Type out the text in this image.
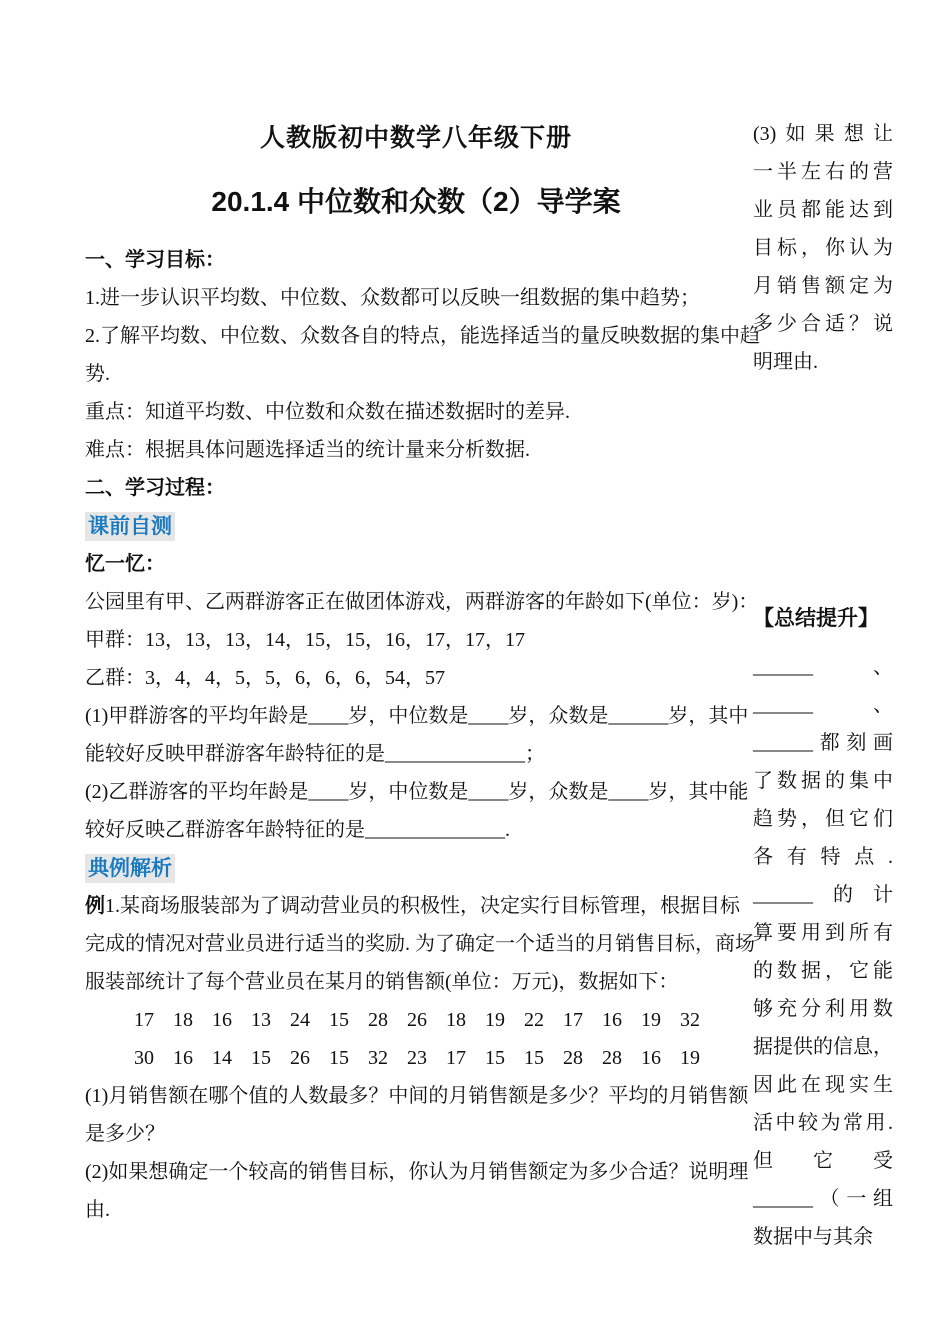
人教版初中数学八年级下册
20.1.4 中位数和众数（2）导学案
一、学习目标：
1.进一步认识平均数、中位数、众数都可以反映一组数据的集中趋势；
2.了解平均数、中位数、众数各自的特点，能选择适当的量反映数据的集中趋
势.
重点：知道平均数、中位数和众数在描述数据时的差异.
难点：根据具体问题选择适当的统计量来分析数据.
二、学习过程：
课前自测
忆一忆：
公园里有甲、乙两群游客正在做团体游戏，两群游客的年龄如下(单位：岁)：
甲群：13，13，13，14，15，15，16，17，17，17
乙群：3，4，4，5，5，6，6，6，54，57
(1)甲群游客的平均年龄是____岁，中位数是____岁，众数是______岁，其中
能较好反映甲群游客年龄特征的是______________；
(2)乙群游客的平均年龄是____岁，中位数是____岁，众数是____岁，其中能
较好反映乙群游客年龄特征的是______________.
典例解析
例1.某商场服装部为了调动营业员的积极性，决定实行目标管理，根据目标
完成的情况对营业员进行适当的奖励. 为了确定一个适当的月销售目标，商场
服装部统计了每个营业员在某月的销售额(单位：万元)，数据如下：
17 18 16 13 24 15 28 26 18 19 22 17 16 19 32
30 16 14 15 26 15 32 23 17 15 15 28 28 16 19
(1)月销售额在哪个值的人数最多？中间的月销售额是多少？平均的月销售额
是多少？
(2)如果想确定一个较高的销售目标，你认为月销售额定为多少合适？说明理
由.
(3)如果想让
一半左右的营
业员都能达到
目标，你认为
月销售额定为
多少合适？说
明理由.
【总结提升】
______、
______、
______都刻画
了数据的集中
趋势，但它们
各有特点.
______的计
算要用到所有
的数据，它能
够充分利用数
据提供的信息，
因此在现实生
活中较为常用.
但它受
______（一组
数据中与其余
